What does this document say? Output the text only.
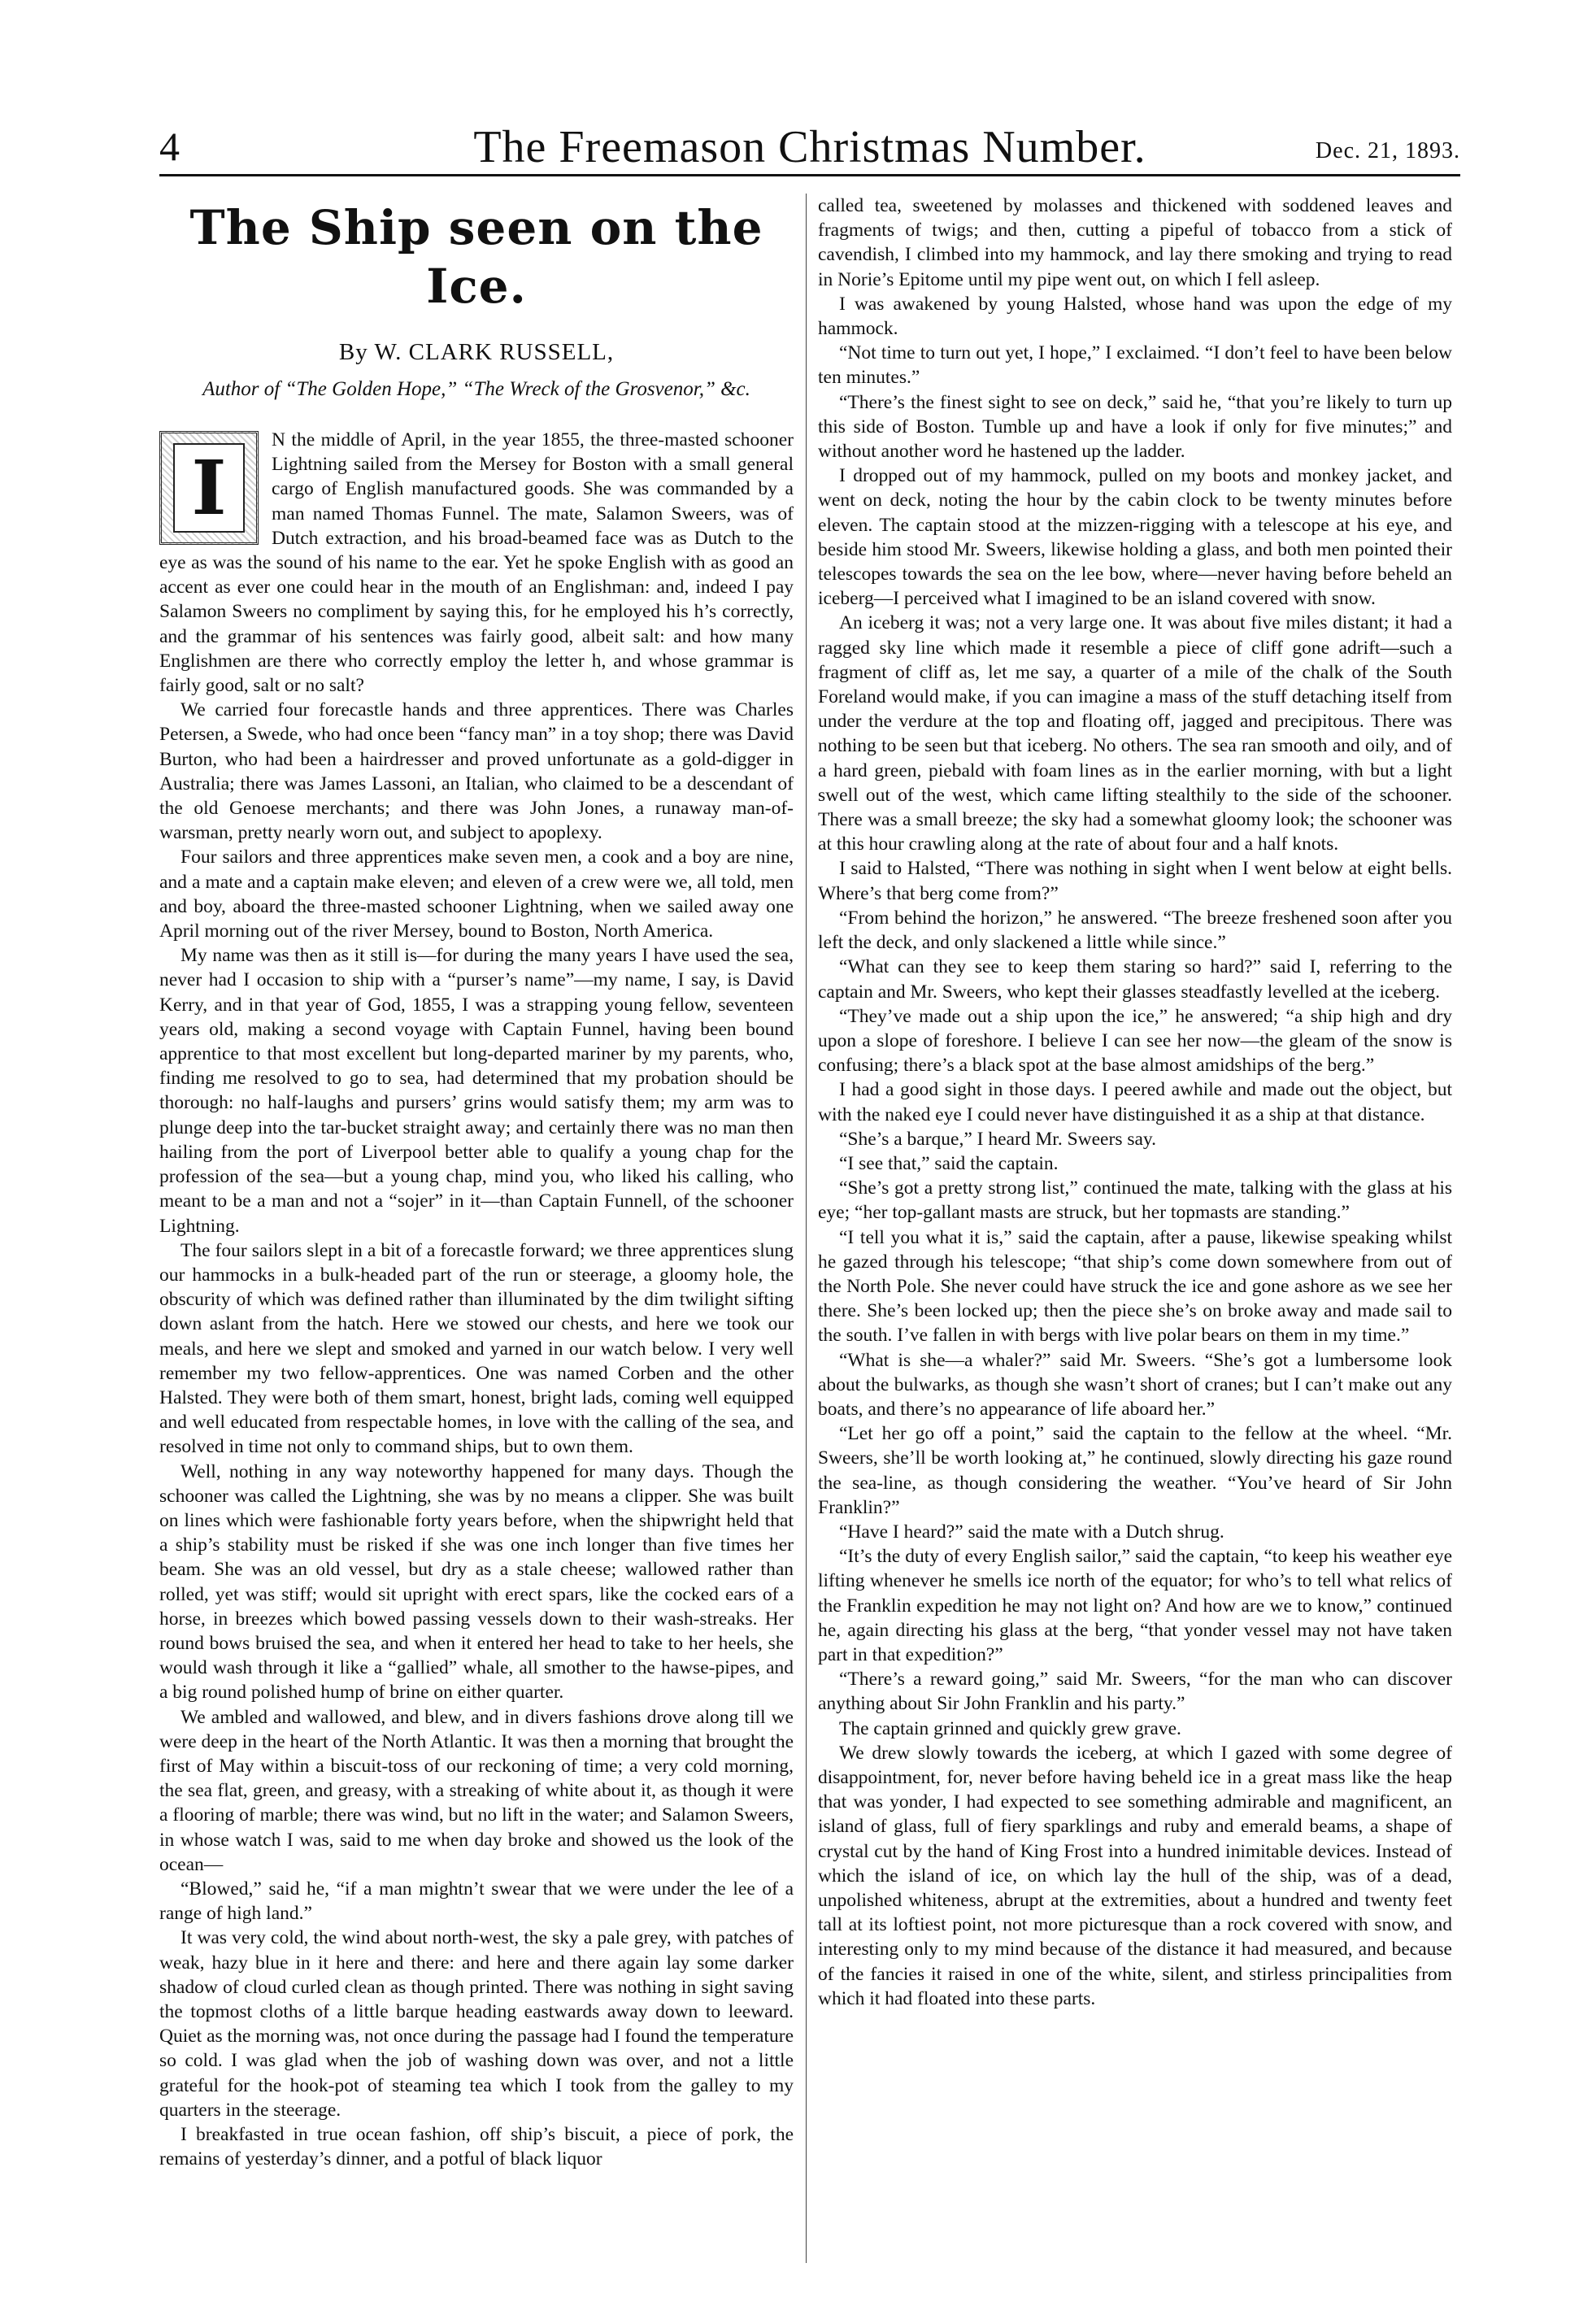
4	The Freemason Christmas Number.	Dec. 21, 1893.
The Ship seen on the Ice.
By W. CLARK RUSSELL,
Author of “The Golden Hope,” “The Wreck of the Grosvenor,” &c.
I

N the middle of April, in the year 1855, the three-masted schooner Lightning sailed from the Mersey for Boston with a small general cargo of English manufactured goods. She was commanded by a man named Thomas Funnel. The mate, Salamon Sweers, was of Dutch extraction, and his broad-beamed face was as Dutch to the eye as was the sound of his name to the ear. Yet he spoke English with as good an accent as ever one could hear in the mouth of an Englishman: and, indeed I pay Salamon Sweers no compliment by saying this, for he employed his h’s correctly, and the grammar of his sentences was fairly good, albeit salt: and how many Englishmen are there who correctly employ the letter h, and whose grammar is fairly good, salt or no salt?

We carried four forecastle hands and three apprentices. There was Charles Petersen, a Swede, who had once been “fancy man” in a toy shop; there was David Burton, who had been a hairdresser and proved unfortunate as a gold-digger in Australia; there was James Lassoni, an Italian, who claimed to be a descendant of the old Genoese merchants; and there was John Jones, a runaway man-of-warsman, pretty nearly worn out, and subject to apoplexy.

Four sailors and three apprentices make seven men, a cook and a boy are nine, and a mate and a captain make eleven; and eleven of a crew were we, all told, men and boy, aboard the three-masted schooner Lightning, when we sailed away one April morning out of the river Mersey, bound to Boston, North America.

My name was then as it still is—for during the many years I have used the sea, never had I occasion to ship with a “purser’s name”—my name, I say, is David Kerry, and in that year of God, 1855, I was a strapping young fellow, seventeen years old, making a second voyage with Captain Funnel, having been bound apprentice to that most excellent but long-departed mariner by my parents, who, finding me resolved to go to sea, had determined that my probation should be thorough: no half-laughs and pursers’ grins would satisfy them; my arm was to plunge deep into the tar-bucket straight away; and certainly there was no man then hailing from the port of Liverpool better able to qualify a young chap for the profession of the sea—but a young chap, mind you, who liked his calling, who meant to be a man and not a “sojer” in it—than Captain Funnell, of the schooner Lightning.

The four sailors slept in a bit of a forecastle forward; we three apprentices slung our hammocks in a bulk-headed part of the run or steerage, a gloomy hole, the obscurity of which was defined rather than illuminated by the dim twilight sifting down aslant from the hatch. Here we stowed our chests, and here we took our meals, and here we slept and smoked and yarned in our watch below. I very well remember my two fellow-apprentices. One was named Corben and the other Halsted. They were both of them smart, honest, bright lads, coming well equipped and well educated from respectable homes, in love with the calling of the sea, and resolved in time not only to command ships, but to own them.

Well, nothing in any way noteworthy happened for many days. Though the schooner was called the Lightning, she was by no means a clipper. She was built on lines which were fashionable forty years before, when the shipwright held that a ship’s stability must be risked if she was one inch longer than five times her beam. She was an old vessel, but dry as a stale cheese; wallowed rather than rolled, yet was stiff; would sit upright with erect spars, like the cocked ears of a horse, in breezes which bowed passing vessels down to their wash-streaks. Her round bows bruised the sea, and when it entered her head to take to her heels, she would wash through it like a “gallied” whale, all smother to the hawse-pipes, and a big round polished hump of brine on either quarter.

We ambled and wallowed, and blew, and in divers fashions drove along till we were deep in the heart of the North Atlantic. It was then a morning that brought the first of May within a biscuit-toss of our reckoning of time; a very cold morning, the sea flat, green, and greasy, with a streaking of white about it, as though it were a flooring of marble; there was wind, but no lift in the water; and Salamon Sweers, in whose watch I was, said to me when day broke and showed us the look of the ocean—

“Blowed,” said he, “if a man mightn’t swear that we were under the lee of a range of high land.”

It was very cold, the wind about north-west, the sky a pale grey, with patches of weak, hazy blue in it here and there: and here and there again lay some darker shadow of cloud curled clean as though printed. There was nothing in sight saving the topmost cloths of a little barque heading eastwards away down to leeward. Quiet as the morning was, not once during the passage had I found the temperature so cold. I was glad when the job of washing down was over, and not a little grateful for the hook-pot of steaming tea which I took from the galley to my quarters in the steerage.

I breakfasted in true ocean fashion, off ship’s biscuit, a piece of pork, the remains of yesterday’s dinner, and a potful of black liquor

called tea, sweetened by molasses and thickened with soddened leaves and fragments of twigs; and then, cutting a pipeful of tobacco from a stick of cavendish, I climbed into my hammock, and lay there smoking and trying to read in Norie’s Epitome until my pipe went out, on which I fell asleep.

I was awakened by young Halsted, whose hand was upon the edge of my hammock.

“Not time to turn out yet, I hope,” I exclaimed. “I don’t feel to have been below ten minutes.”

“There’s the finest sight to see on deck,” said he, “that you’re likely to turn up this side of Boston. Tumble up and have a look if only for five minutes;” and without another word he hastened up the ladder.

I dropped out of my hammock, pulled on my boots and monkey jacket, and went on deck, noting the hour by the cabin clock to be twenty minutes before eleven. The captain stood at the mizzen-rigging with a telescope at his eye, and beside him stood Mr. Sweers, likewise holding a glass, and both men pointed their telescopes towards the sea on the lee bow, where—never having before beheld an iceberg—I perceived what I imagined to be an island covered with snow.

An iceberg it was; not a very large one. It was about five miles distant; it had a ragged sky line which made it resemble a piece of cliff gone adrift—such a fragment of cliff as, let me say, a quarter of a mile of the chalk of the South Foreland would make, if you can imagine a mass of the stuff detaching itself from under the verdure at the top and floating off, jagged and precipitous. There was nothing to be seen but that iceberg. No others. The sea ran smooth and oily, and of a hard green, piebald with foam lines as in the earlier morning, with but a light swell out of the west, which came lifting stealthily to the side of the schooner. There was a small breeze; the sky had a somewhat gloomy look; the schooner was at this hour crawling along at the rate of about four and a half knots.

I said to Halsted, “There was nothing in sight when I went below at eight bells. Where’s that berg come from?”

“From behind the horizon,” he answered. “The breeze freshened soon after you left the deck, and only slackened a little while since.”

“What can they see to keep them staring so hard?” said I, referring to the captain and Mr. Sweers, who kept their glasses steadfastly levelled at the iceberg.

“They’ve made out a ship upon the ice,” he answered; “a ship high and dry upon a slope of foreshore. I believe I can see her now—the gleam of the snow is confusing; there’s a black spot at the base almost amidships of the berg.”

I had a good sight in those days. I peered awhile and made out the object, but with the naked eye I could never have distinguished it as a ship at that distance.

“She’s a barque,” I heard Mr. Sweers say.

“I see that,” said the captain.

“She’s got a pretty strong list,” continued the mate, talking with the glass at his eye; “her top-gallant masts are struck, but her topmasts are standing.”

“I tell you what it is,” said the captain, after a pause, likewise speaking whilst he gazed through his telescope; “that ship’s come down somewhere from out of the North Pole. She never could have struck the ice and gone ashore as we see her there. She’s been locked up; then the piece she’s on broke away and made sail to the south. I’ve fallen in with bergs with live polar bears on them in my time.”

“What is she—a whaler?” said Mr. Sweers. “She’s got a lumbersome look about the bulwarks, as though she wasn’t short of cranes; but I can’t make out any boats, and there’s no appearance of life aboard her.”

“Let her go off a point,” said the captain to the fellow at the wheel. “Mr. Sweers, she’ll be worth looking at,” he continued, slowly directing his gaze round the sea-line, as though considering the weather. “You’ve heard of Sir John Franklin?”

“Have I heard?” said the mate with a Dutch shrug.

“It’s the duty of every English sailor,” said the captain, “to keep his weather eye lifting whenever he smells ice north of the equator; for who’s to tell what relics of the Franklin expedition he may not light on? And how are we to know,” continued he, again directing his glass at the berg, “that yonder vessel may not have taken part in that expedition?”

“There’s a reward going,” said Mr. Sweers, “for the man who can discover anything about Sir John Franklin and his party.”

The captain grinned and quickly grew grave.

We drew slowly towards the iceberg, at which I gazed with some degree of disappointment, for, never before having beheld ice in a great mass like the heap that was yonder, I had expected to see something admirable and magnificent, an island of glass, full of fiery sparklings and ruby and emerald beams, a shape of crystal cut by the hand of King Frost into a hundred inimitable devices. Instead of which the island of ice, on which lay the hull of the ship, was of a dead, unpolished whiteness, abrupt at the extremities, about a hundred and twenty feet tall at its loftiest point, not more picturesque than a rock covered with snow, and interesting only to my mind because of the distance it had measured, and because of the fancies it raised in one of the white, silent, and stirless principalities from which it had floated into these parts.
